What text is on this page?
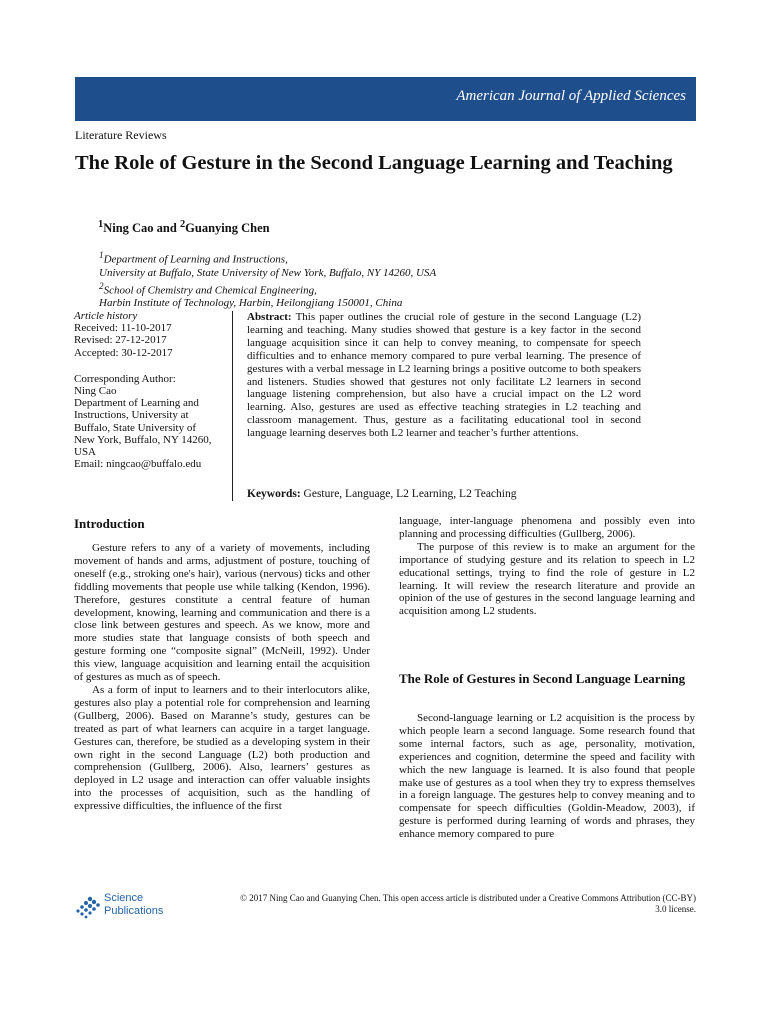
American Journal of Applied Sciences
Literature Reviews
The Role of Gesture in the Second Language Learning and Teaching
$^1$Ning Cao and $^2$Guanying Chen
$^1$Department of Learning and Instructions,
University at Buffalo, State University of New York, Buffalo, NY 14260, USA
$^2$School of Chemistry and Chemical Engineering,
Harbin Institute of Technology, Harbin, Heilongjiang 150001, China
Article history
Received: 11-10-2017
Revised: 27-12-2017
Accepted: 30-12-2017
Corresponding Author:
Ning Cao
Department of Learning and
Instructions, University at
Buffalo, State University of
New York, Buffalo, NY 14260,
USA
Email: ningcao@buffalo.edu
Abstract: This paper outlines the crucial role of gesture in the second Language (L2) learning and teaching. Many studies showed that gesture is a key factor in the second language acquisition since it can help to convey meaning, to compensate for speech difficulties and to enhance memory compared to pure verbal learning. The presence of gestures with a verbal message in L2 learning brings a positive outcome to both speakers and listeners. Studies showed that gestures not only facilitate L2 learners in second language listening comprehension, but also have a crucial impact on the L2 word learning. Also, gestures are used as effective teaching strategies in L2 teaching and classroom management. Thus, gesture as a facilitating educational tool in second language learning deserves both L2 learner and teacher’s further attentions.
Keywords: Gesture, Language, L2 Learning, L2 Teaching
Introduction

Gesture refers to any of a variety of movements, including movement of hands and arms, adjustment of posture, touching of oneself (e.g., stroking one's hair), various (nervous) ticks and other fiddling movements that people use while talking (Kendon, 1996). Therefore, gestures constitute a central feature of human development, knowing, learning and communication and there is a close link between gestures and speech. As we know, more and more studies state that language consists of both speech and gesture forming one “composite signal” (McNeill, 1992). Under this view, language acquisition and learning entail the acquisition of gestures as much as of speech.

As a form of input to learners and to their interlocutors alike, gestures also play a potential role for comprehension and learning (Gullberg, 2006). Based on Maranne’s study, gestures can be treated as part of what learners can acquire in a target language. Gestures can, therefore, be studied as a developing system in their own right in the second Language (L2) both production and comprehension (Gullberg, 2006). Also, learners’ gestures as deployed in L2 usage and interaction can offer valuable insights into the processes of acquisition, such as the handling of expressive difficulties, the influence of the first

language, inter-language phenomena and possibly even into planning and processing difficulties (Gullberg, 2006).

The purpose of this review is to make an argument for the importance of studying gesture and its relation to speech in L2 educational settings, trying to find the role of gesture in L2 learning. It will review the research literature and provide an opinion of the use of gestures in the second language learning and acquisition among L2 students.

The Role of Gestures in Second Language Learning

Second-language learning or L2 acquisition is the process by which people learn a second language. Some research found that some internal factors, such as age, personality, motivation, experiences and cognition, determine the speed and facility with which the new language is learned. It is also found that people make use of gestures as a tool when they try to express themselves in a foreign language. The gestures help to convey meaning and to compensate for speech difficulties (Goldin-Meadow, 2003), if gesture is performed during learning of words and phrases, they enhance memory compared to pure

Science
Publications
© 2017 Ning Cao and Guanying Chen. This open access article is distributed under a Creative Commons Attribution (CC-BY) 3.0 license.
